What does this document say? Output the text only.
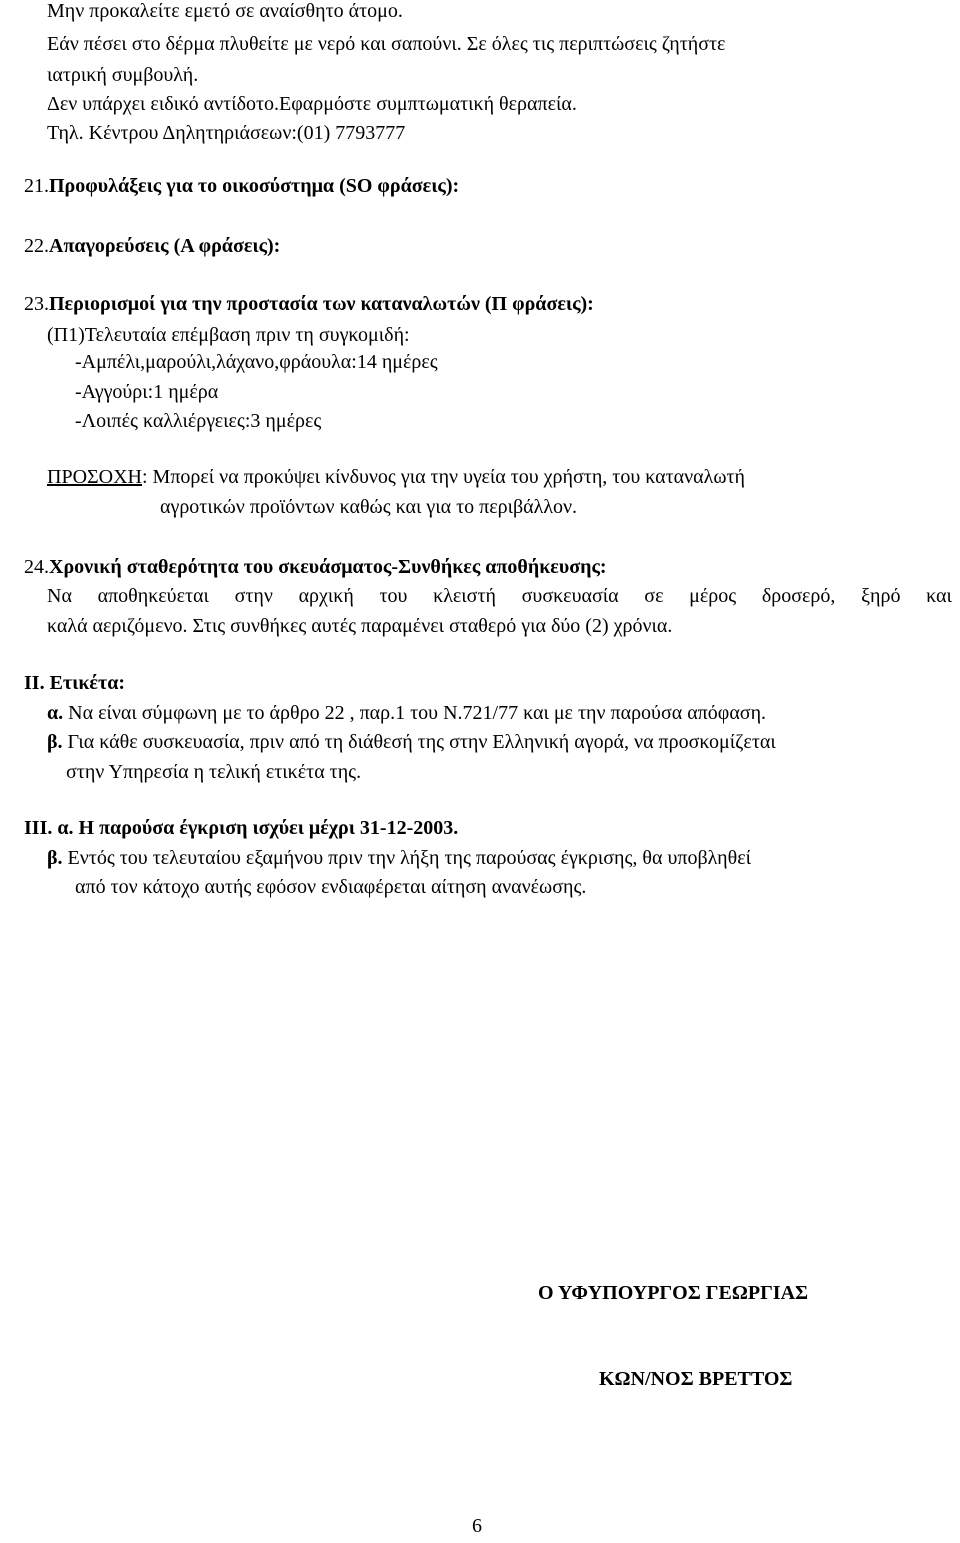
Μην προκαλείτε εμετό σε αναίσθητο άτομο.
Εάν πέσει στο δέρμα πλυθείτε με νερό και σαπούνι. Σε όλες τις περιπτώσεις ζητήστε
ιατρική συμβουλή.
Δεν υπάρχει ειδικό αντίδοτο.Εφαρμόστε συμπτωματική θεραπεία.
Τηλ. Κέντρου Δηλητηριάσεων:(01) 7793777
21.Προφυλάξεις για το οικοσύστημα (SO φράσεις):
22.Απαγορεύσεις (Α φράσεις):
23.Περιορισμοί για την προστασία των καταναλωτών (Π φράσεις):
(Π1)Τελευταία επέμβαση πριν τη συγκομιδή:
-Αμπέλι,μαρούλι,λάχανο,φράουλα:14 ημέρες
-Αγγούρι:1 ημέρα
-Λοιπές καλλιέργειες:3 ημέρες
ΠΡΟΣΟΧΗ: Μπορεί να προκύψει κίνδυνος για την υγεία του χρήστη, του καταναλωτή
αγροτικών προϊόντων καθώς και για το περιβάλλον.
24.Χρονική σταθερότητα του σκευάσματος-Συνθήκες αποθήκευσης:
Να αποθηκεύεται στην αρχική του κλειστή συσκευασία σε μέρος δροσερό, ξηρό και
καλά αεριζόμενο. Στις συνθήκες αυτές παραμένει σταθερό για δύο (2) χρόνια.
ΙΙ. Ετικέτα:
α. Να είναι σύμφωνη με το άρθρο 22 , παρ.1 του Ν.721/77 και με την παρούσα απόφαση.
β. Για κάθε συσκευασία, πριν από τη διάθεσή της στην Ελληνική αγορά, να προσκομίζεται
στην Υπηρεσία η τελική ετικέτα της.
ΙΙΙ. α. Η παρούσα έγκριση ισχύει μέχρι 31-12-2003.
β. Εντός του τελευταίου εξαμήνου πριν την λήξη της παρούσας έγκρισης, θα υποβληθεί
από τον κάτοχο αυτής εφόσον ενδιαφέρεται αίτηση ανανέωσης.
Ο ΥΦΥΠΟΥΡΓΟΣ ΓΕΩΡΓΙΑΣ
ΚΩΝ/ΝΟΣ ΒΡΕΤΤΟΣ
6
